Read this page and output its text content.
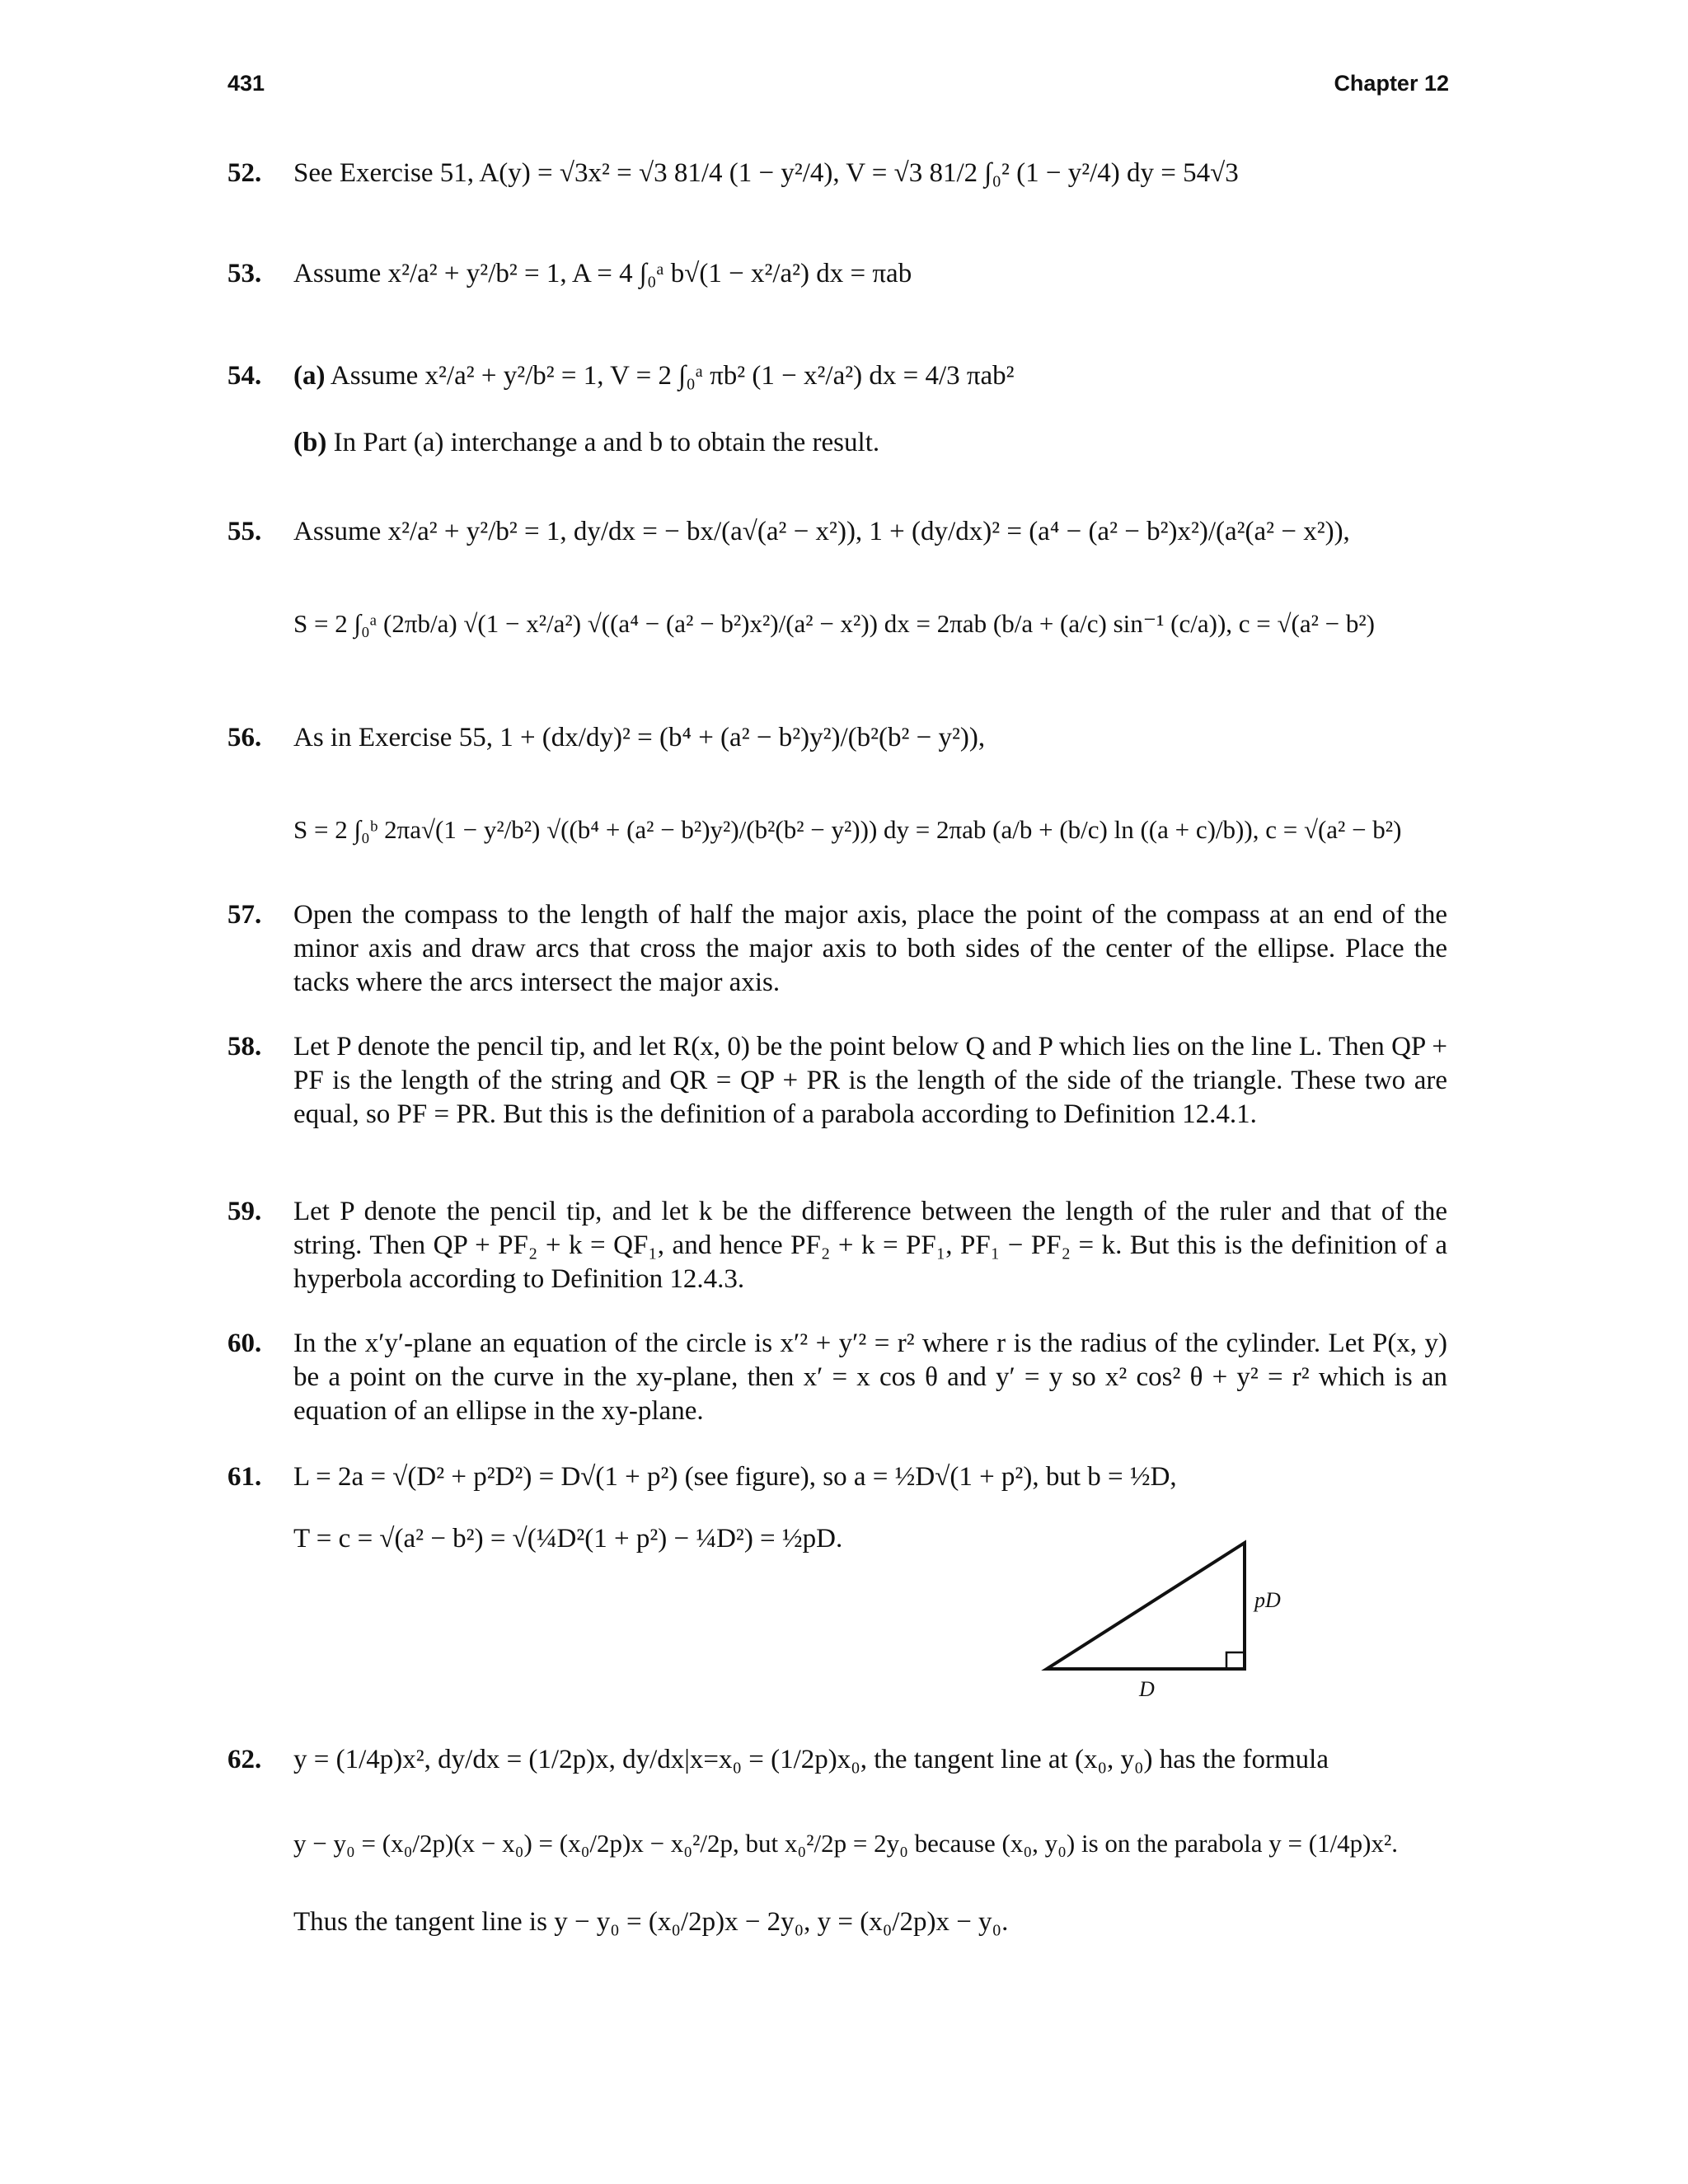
431	Chapter 12
52. See Exercise 51, A(y) = √3x² = √3 81/4 (1 − y²/4), V = √3 81/2 ∫₀² (1 − y²/4) dy = 54√3
53. Assume x²/a² + y²/b² = 1, A = 4 ∫₀ᵃ b√(1 − x²/a²) dx = πab
54. (a) Assume x²/a² + y²/b² = 1, V = 2 ∫₀ᵃ πb² (1 − x²/a²) dx = 4/3 πab²
(b) In Part (a) interchange a and b to obtain the result.
55. Assume x²/a² + y²/b² = 1, dy/dx = − bx/(a√(a² − x²)), 1 + (dy/dx)² = (a⁴ − (a² − b²)x²)/(a²(a² − x²)),
S = 2 ∫₀ᵃ (2πb/a) √(1 − x²/a²) √((a⁴ − (a² − b²)x²)/(a² − x²)) dx = 2πab (b/a + (a/c) sin⁻¹ (c/a)), c = √(a² − b²)
56. As in Exercise 55, 1 + (dx/dy)² = (b⁴ + (a² − b²)y²)/(b²(b² − y²)),
S = 2 ∫₀ᵇ 2πa√(1 − y²/b²) √((b⁴ + (a² − b²)y²)/(b²(b² − y²))) dy = 2πab (a/b + (b/c) ln ((a + c)/b)), c = √(a² − b²)
57. Open the compass to the length of half the major axis, place the point of the compass at an end of the minor axis and draw arcs that cross the major axis to both sides of the center of the ellipse. Place the tacks where the arcs intersect the major axis.
58. Let P denote the pencil tip, and let R(x, 0) be the point below Q and P which lies on the line L. Then QP + PF is the length of the string and QR = QP + PR is the length of the side of the triangle. These two are equal, so PF = PR. But this is the definition of a parabola according to Definition 12.4.1.
59. Let P denote the pencil tip, and let k be the difference between the length of the ruler and that of the string. Then QP + PF₂ + k = QF₁, and hence PF₂ + k = PF₁, PF₁ − PF₂ = k. But this is the definition of a hyperbola according to Definition 12.4.3.
60. In the x′y′-plane an equation of the circle is x′² + y′² = r² where r is the radius of the cylinder. Let P(x, y) be a point on the curve in the xy-plane, then x′ = x cos θ and y′ = y so x² cos² θ + y² = r² which is an equation of an ellipse in the xy-plane.
61. L = 2a = √(D² + p²D²) = D√(1 + p²) (see figure), so a = ½D√(1 + p²), but b = ½D,
T = c = √(a² − b²) = √(¼D²(1 + p²) − ¼D²) = ½pD.
pD
D
62. y = (1/4p)x², dy/dx = (1/2p)x, dy/dx|x=x₀ = (1/2p)x₀, the tangent line at (x₀, y₀) has the formula
y − y₀ = (x₀/2p)(x − x₀) = (x₀/2p)x − x₀²/2p, but x₀²/2p = 2y₀ because (x₀, y₀) is on the parabola y = (1/4p)x².
Thus the tangent line is y − y₀ = (x₀/2p)x − 2y₀, y = (x₀/2p)x − y₀.
